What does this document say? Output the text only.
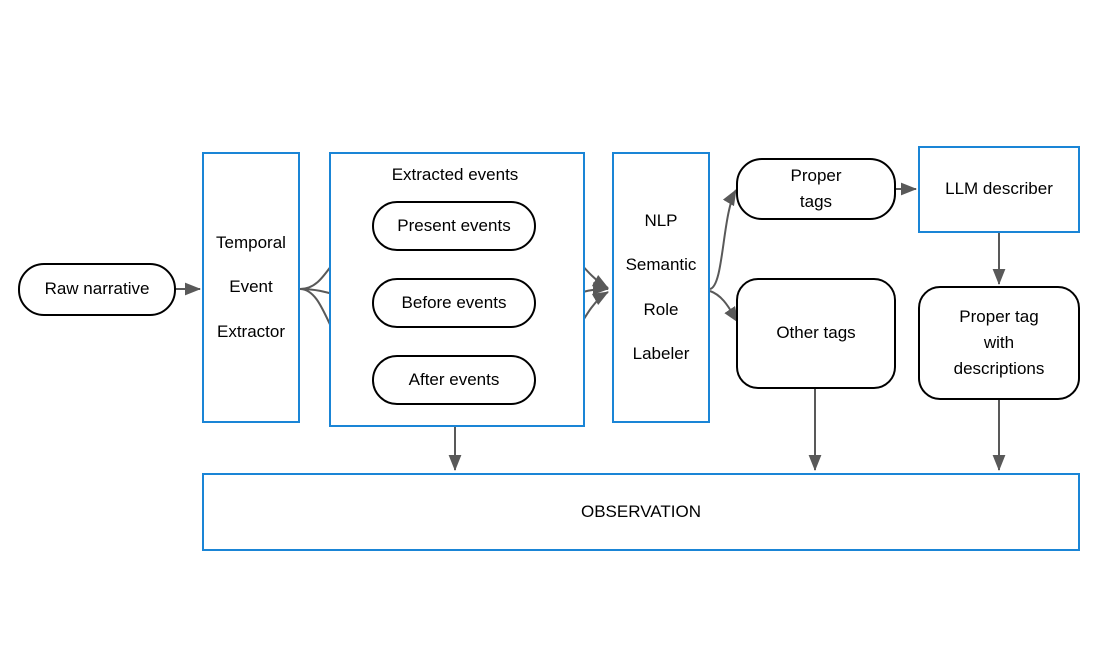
Raw narrative
Temporal
Event
Extractor
Extracted events
Present events
Before events
After events
NLP
Semantic
Role
Labeler
Proper
tags
Other tags
LLM describer
Proper tag
with
descriptions
OBSERVATION
